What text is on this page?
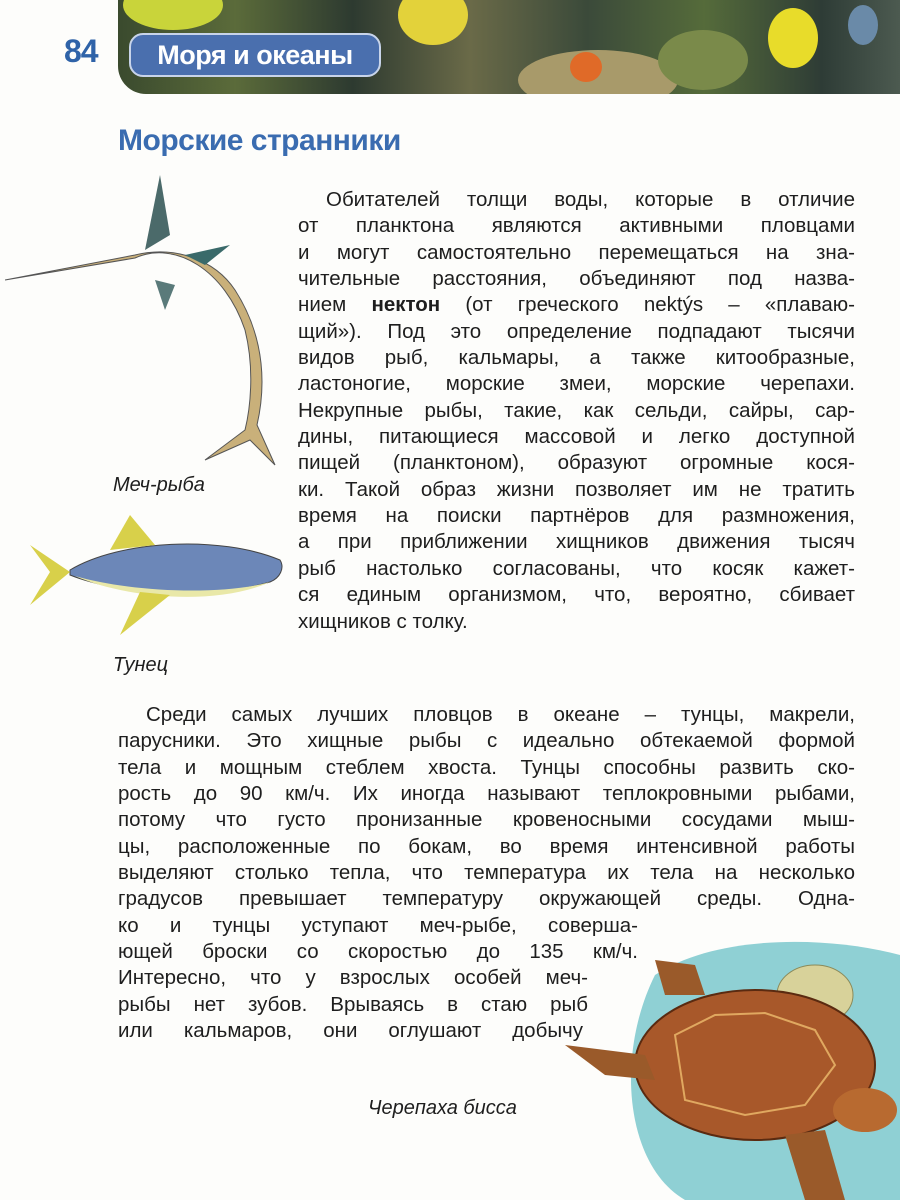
84	Моря и океаны
Морские странники
Меч-рыба
Тунец
Обитателей толщи воды, которые в отличие
от планктона являются активными пловцами
и могут самостоятельно перемещаться на зна-
чительные расстояния, объединяют под назва-
нием нектон (от греческого nektýs – «плаваю-
щий»). Под это определение подпадают тысячи
видов рыб, кальмары, а также китообразные,
ластоногие, морские змеи, морские черепахи.
Некрупные рыбы, такие, как сельди, сайры, сар-
дины, питающиеся массовой и легко доступной
пищей (планктоном), образуют огромные кося-
ки. Такой образ жизни позволяет им не тратить
время на поиски партнёров для размножения,
а при приближении хищников движения тысяч
рыб настолько согласованы, что косяк кажет-
ся единым организмом, что, вероятно, сбивает
хищников с толку.
Среди самых лучших пловцов в океане – тунцы, макрели,
парусники. Это хищные рыбы с идеально обтекаемой формой
тела и мощным стеблем хвоста. Тунцы способны развить ско-
рость до 90 км/ч. Их иногда называют теплокровными рыбами,
потому что густо пронизанные кровеносными сосудами мыш-
цы, расположенные по бокам, во время интенсивной работы
выделяют столько тепла, что температура их тела на несколько
градусов превышает температуру окружающей среды. Одна-
ко и тунцы уступают меч-рыбе, соверша-
ющей броски со скоростью до 135 км/ч.
Интересно, что у взрослых особей меч-
рыбы нет зубов. Врываясь в стаю рыб
или кальмаров, они оглушают добычу
Черепаха бисса
